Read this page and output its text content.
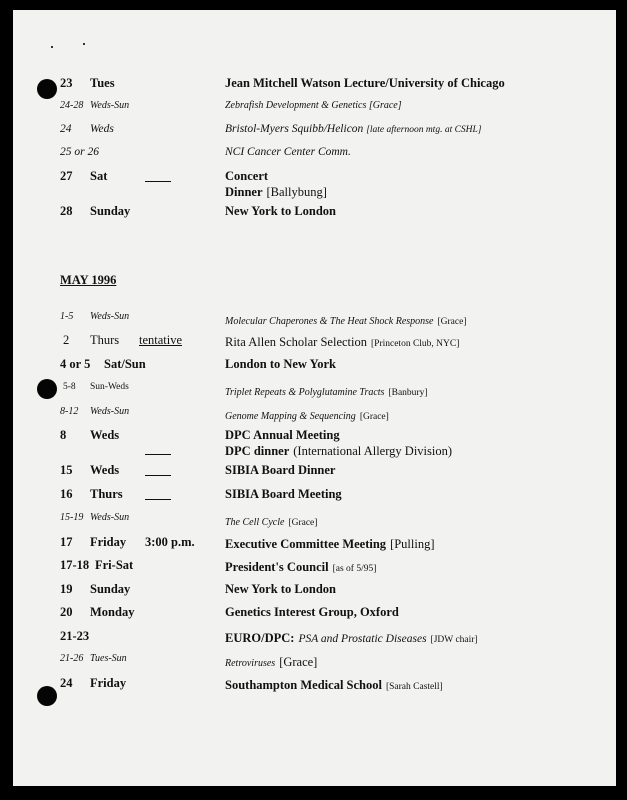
23 Tues	Jean Mitchell Watson Lecture/University of Chicago
24-28 Weds-Sun	Zebrafish Development & Genetics [Grace]
24 Weds	Bristol-Myers Squibb/Helicon [late afternoon mtg. at CSHL]
25 or 26	NCI Cancer Center Comm.
27 Sat	Concert
Dinner [Ballybung]
28 Sunday	New York to London
MAY 1996
1-5 Weds-Sun	Molecular Chaperones & The Heat Shock Response [Grace]
2 Thurs tentative	Rita Allen Scholar Selection [Princeton Club, NYC]
4 or 5 Sat/Sun	London to New York
5-8 Sun-Weds	Triplet Repeats & Polyglutamine Tracts [Banbury]
8-12 Weds-Sun	Genome Mapping & Sequencing [Grace]
8 Weds	DPC Annual Meeting
DPC dinner (International Allergy Division)
15 Weds	SIBIA Board Dinner
16 Thurs	SIBIA Board Meeting
15-19 Weds-Sun	The Cell Cycle [Grace]
17 Friday 3:00 p.m. Executive Committee Meeting [Pulling]
17-18 Fri-Sat	President's Council [as of 5/95]
19 Sunday	New York to London
20 Monday	Genetics Interest Group, Oxford
21-23	EURO/DPC: PSA and Prostatic Diseases [JDW chair]
21-26 Tues-Sun	Retroviruses [Grace]
24 Friday	Southampton Medical School [Sarah Castell]
